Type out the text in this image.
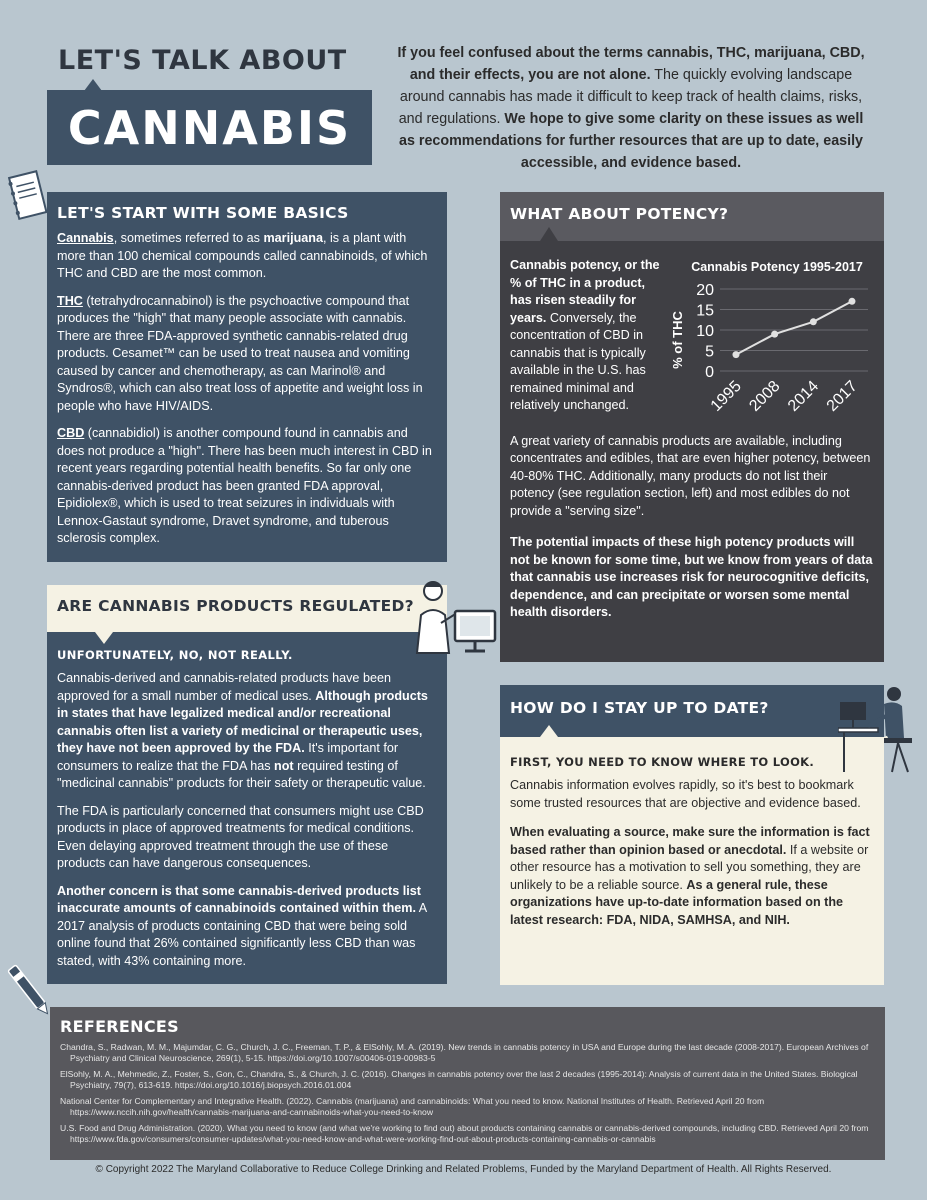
LET'S TALK ABOUT
CANNABIS
If you feel confused about the terms cannabis, THC, marijuana, CBD, and their effects, you are not alone. The quickly evolving landscape around cannabis has made it difficult to keep track of health claims, risks, and regulations. We hope to give some clarity on these issues as well as recommendations for further resources that are up to date, easily accessible, and evidence based.
LET'S START WITH SOME BASICS

Cannabis, sometimes referred to as marijuana, is a plant with more than 100 chemical compounds called cannabinoids, of which THC and CBD are the most common.

THC (tetrahydrocannabinol) is the psychoactive compound that produces the "high" that many people associate with cannabis. There are three FDA-approved synthetic cannabis-related drug products. Cesamet™ can be used to treat nausea and vomiting caused by cancer and chemotherapy, as can Marinol® and Syndros®, which can also treat loss of appetite and weight loss in people who have HIV/AIDS.

CBD (cannabidiol) is another compound found in cannabis and does not produce a "high". There has been much interest in CBD in recent years regarding potential health benefits. So far only one cannabis-derived product has been granted FDA approval, Epidiolex®, which is used to treat seizures in individuals with Lennox-Gastaut syndrome, Dravet syndrome, and tuberous sclerosis complex.

ARE CANNABIS PRODUCTS REGULATED?
UNFORTUNATELY, NO, NOT REALLY.

Cannabis-derived and cannabis-related products have been approved for a small number of medical uses. Although products in states that have legalized medical and/or recreational cannabis often list a variety of medicinal or therapeutic uses, they have not been approved by the FDA. It's important for consumers to realize that the FDA has not required testing of "medicinal cannabis" products for their safety or therapeutic value.

The FDA is particularly concerned that consumers might use CBD products in place of approved treatments for medical conditions. Even delaying approved treatment through the use of these products can have dangerous consequences.

Another concern is that some cannabis-derived products list inaccurate amounts of cannabinoids contained within them. A 2017 analysis of products containing CBD that were being sold online found that 26% contained significantly less CBD than was stated, with 43% containing more.

WHAT ABOUT POTENCY?
Cannabis potency, or the % of THC in a product, has risen steadily for years. Conversely, the concentration of CBD in cannabis that is typically available in the U.S. has remained minimal and relatively unchanged.
Cannabis Potency 1995-2017
% of THC
0
5
10
15
20
1995 2008 2014 2017

A great variety of cannabis products are available, including concentrates and edibles, that are even higher potency, between 40-80% THC. Additionally, many products do not list their potency (see regulation section, left) and most edibles do not provide a "serving size".

The potential impacts of these high potency products will not be known for some time, but we know from years of data that cannabis use increases risk for neurocognitive deficits, dependence, and can precipitate or worsen some mental health disorders.

HOW DO I STAY UP TO DATE?
FIRST, YOU NEED TO KNOW WHERE TO LOOK.

Cannabis information evolves rapidly, so it's best to bookmark some trusted resources that are objective and evidence based.

When evaluating a source, make sure the information is fact based rather than opinion based or anecdotal. If a website or other resource has a motivation to sell you something, they are unlikely to be a reliable source. As a general rule, these organizations have up-to-date information based on the latest research: FDA, NIDA, SAMHSA, and NIH.

REFERENCES
Chandra, S., Radwan, M. M., Majumdar, C. G., Church, J. C., Freeman, T. P., & ElSohly, M. A. (2019). New trends in cannabis potency in USA and Europe during the last decade (2008-2017). European Archives of Psychiatry and Clinical Neuroscience, 269(1), 5-15. https://doi.org/10.1007/s00406-019-00983-5
ElSohly, M. A., Mehmedic, Z., Foster, S., Gon, C., Chandra, S., & Church, J. C. (2016). Changes in cannabis potency over the last 2 decades (1995-2014): Analysis of current data in the United States. Biological Psychiatry, 79(7), 613-619. https://doi.org/10.1016/j.biopsych.2016.01.004
National Center for Complementary and Integrative Health. (2022). Cannabis (marijuana) and cannabinoids: What you need to know. National Institutes of Health. Retrieved April 20 from https://www.nccih.nih.gov/health/cannabis-marijuana-and-cannabinoids-what-you-need-to-know
U.S. Food and Drug Administration. (2020). What you need to know (and what we're working to find out) about products containing cannabis or cannabis-derived compounds, including CBD. Retrieved April 20 from https://www.fda.gov/consumers/consumer-updates/what-you-need-know-and-what-were-working-find-out-about-products-containing-cannabis-or-cannabis
© Copyright 2022 The Maryland Collaborative to Reduce College Drinking and Related Problems, Funded by the Maryland Department of Health. All Rights Reserved.
